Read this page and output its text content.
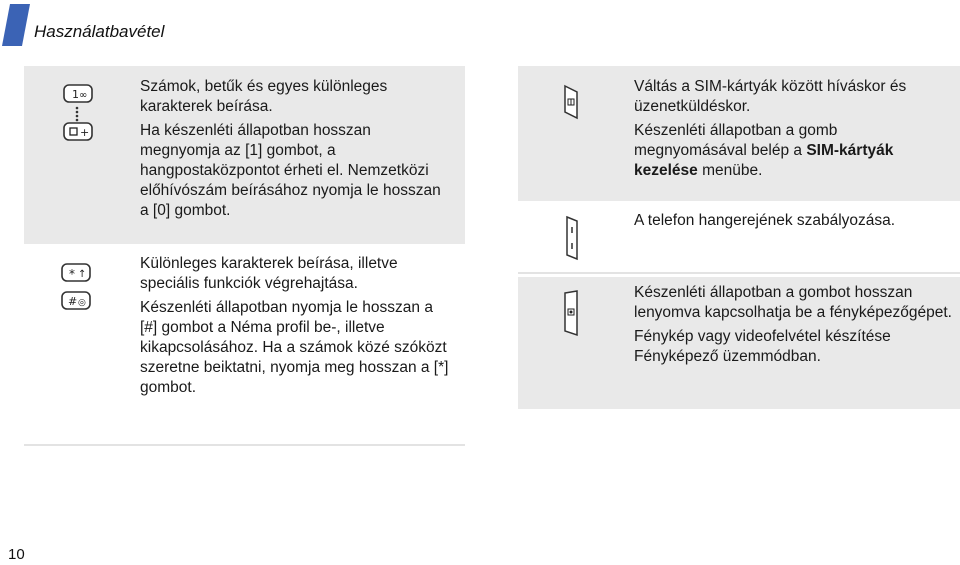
Használatbavétel
1 ∞
+

Számok, betűk és egyes különleges karakterek beírása.

Ha készenléti állapotban hosszan megnyomja az [1] gombot, a hangpostaközpontot érheti el. Nemzetközi előhívószám beírásához nyomja le hosszan a [0] gombot.

* ↑
# ◎

Különleges karakterek beírása, illetve speciális funkciók végrehajtása.

Készenléti állapotban nyomja le hosszan a [#] gombot a Néma profil be-, illetve kikapcsolásához. Ha a számok közé szóközt szeretne beiktatni, nyomja meg hosszan a [*] gombot.

Váltás a SIM-kártyák között híváskor és üzenetküldéskor.

Készenléti állapotban a gomb megnyomásával belép a SIM-kártyák kezelése menübe.

A telefon hangerejének szabályozása.

Készenléti állapotban a gombot hosszan lenyomva kapcsolhatja be a fényképezőgépet.

Fénykép vagy videofelvétel készítése Fényképező üzemmódban.

10
